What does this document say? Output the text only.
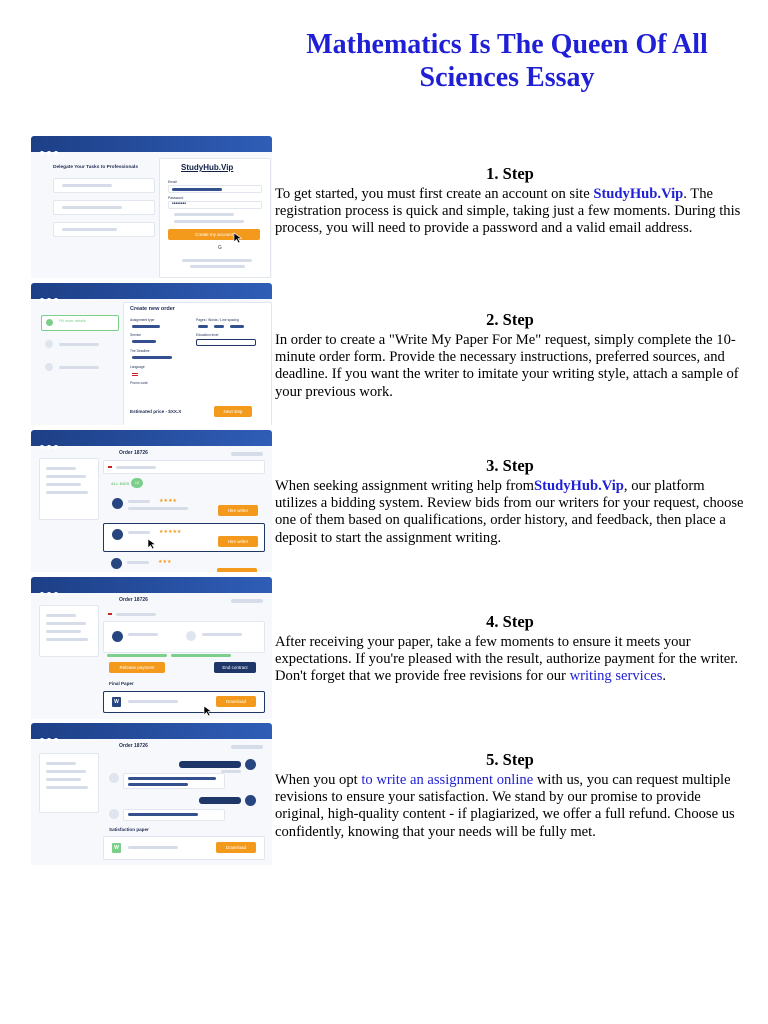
Mathematics Is The Queen Of All Sciences Essay
Delegate Your Tasks to Professionals	StudyHub.Vip
Email
Password
••••••••
Create my account
G
Fill order details
Create new order
Assignment type	Pages / Words / Line spacing
Service	Education level
The Deadline
Language
Promo code
Estimated price - $XX.X	Next step
Order 18726
ALL BIDS	10
★★★★
Hire writer
★★★★★
Hire writer
★★★
Order 18726
Release payment	End contract
Final Paper
W	Download
Order 18726
Satisfaction paper
W	Download
1. Step

To get started, you must first create an account on site StudyHub.Vip. The registration process is quick and simple, taking just a few moments. During this process, you will need to provide a password and a valid email address.

2. Step

In order to create a "Write My Paper For Me" request, simply complete the 10-minute order form. Provide the necessary instructions, preferred sources, and deadline. If you want the writer to imitate your writing style, attach a sample of your previous work.

3. Step

When seeking assignment writing help fromStudyHub.Vip, our platform utilizes a bidding system. Review bids from our writers for your request, choose one of them based on qualifications, order history, and feedback, then place a deposit to start the assignment writing.

4. Step

After receiving your paper, take a few moments to ensure it meets your expectations. If you're pleased with the result, authorize payment for the writer. Don't forget that we provide free revisions for our writing services.

5. Step

When you opt to write an assignment online with us, you can request multiple revisions to ensure your satisfaction. We stand by our promise to provide original, high-quality content - if plagiarized, we offer a full refund. Choose us confidently, knowing that your needs will be fully met.
